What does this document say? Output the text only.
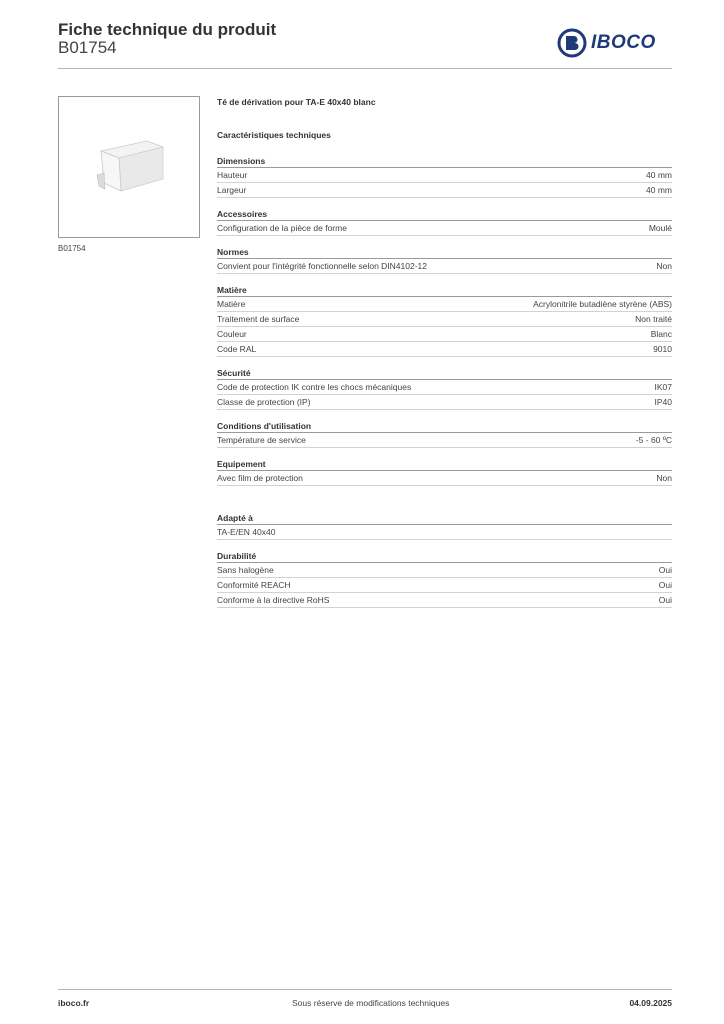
Fiche technique du produit
B01754	IBOCO
B01754
Té de dérivation pour TA-E 40x40 blanc
Caractéristiques techniques
Dimensions
Hauteur	40 mm
Largeur	40 mm
Accessoires
Configuration de la pièce de forme	Moulé
Normes
Convient pour l'intégrité fonctionnelle selon DIN4102-12	Non
Matière
Matière	Acrylonitrile butadiène styrène (ABS)
Traitement de surface	Non traité
Couleur	Blanc
Code RAL	9010
Sécurité
Code de protection IK contre les chocs mécaniques	IK07
Classe de protection (IP)	IP40
Conditions d'utilisation
Température de service	-5 - 60 ºC
Equipement
Avec film de protection	Non
Adapté à
TA-E/EN 40x40
Durabilité
Sans halogène	Oui
Conformité REACH	Oui
Conforme à la directive RoHS	Oui
iboco.fr	Sous réserve de modifications techniques	04.09.2025
